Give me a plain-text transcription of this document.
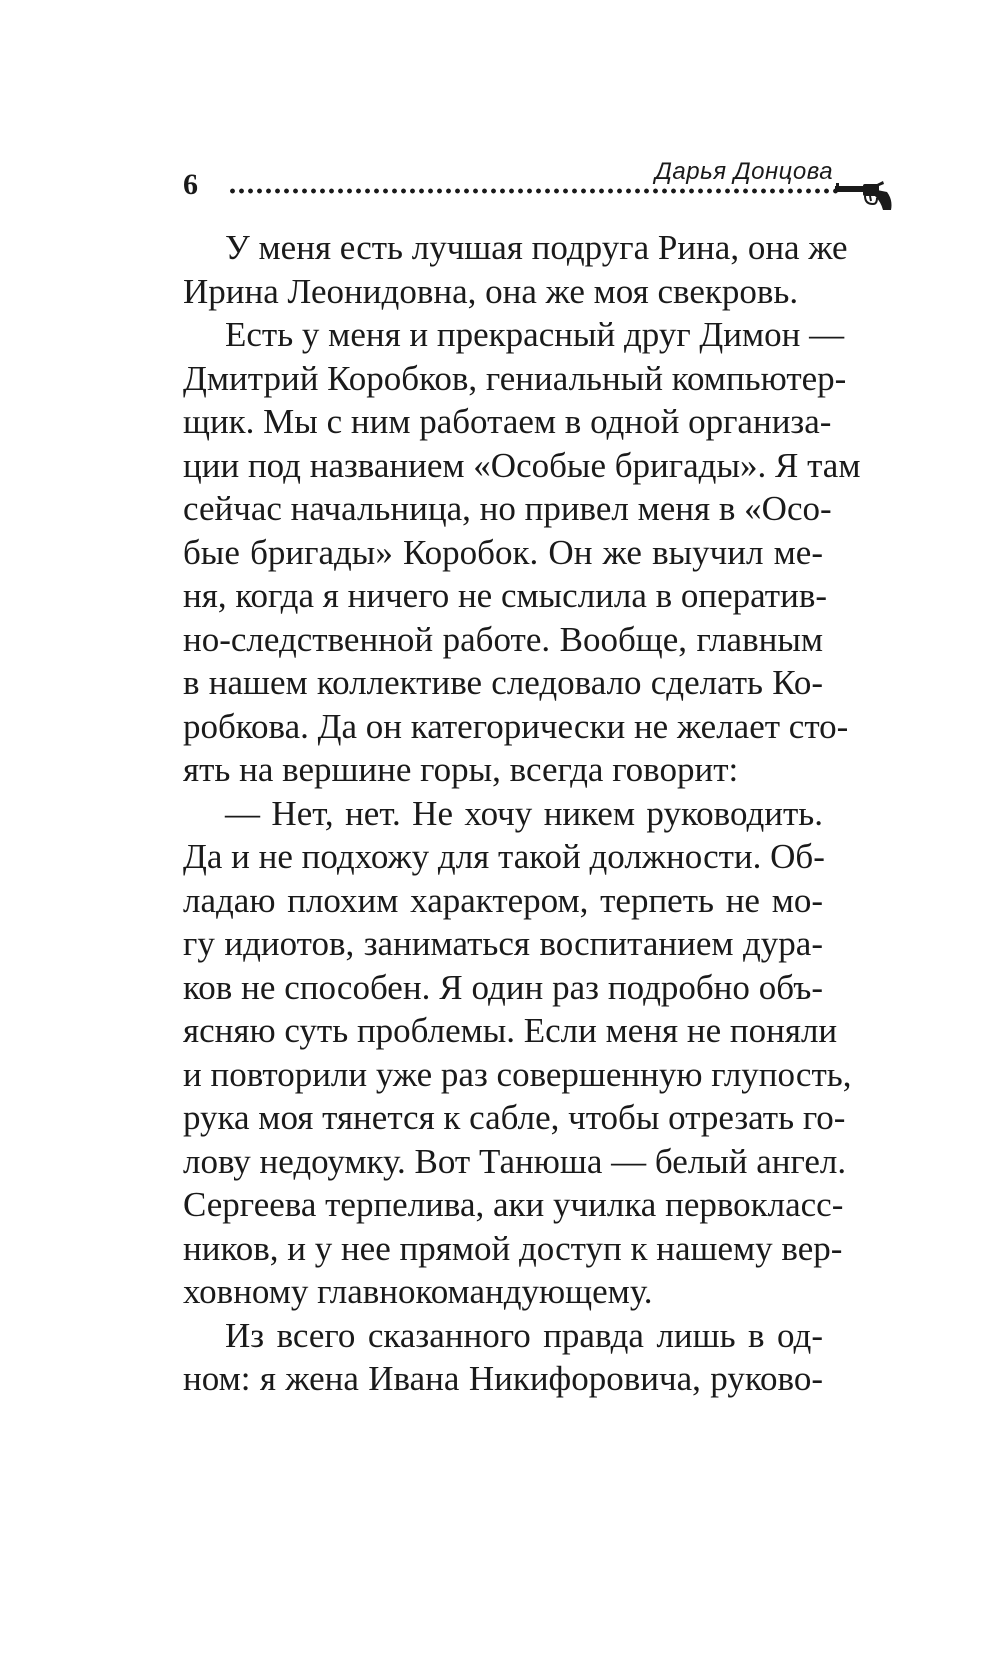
6	Дарья Донцова
У меня есть лучшая подруга Рина, она же
Ирина Леонидовна, она же моя свекровь.
Есть у меня и прекрасный друг Димон —
Дмитрий Коробков, гениальный компьютер-
щик. Мы с ним работаем в одной организа-
ции под названием «Особые бригады». Я там
сейчас начальница, но привел меня в «Осо-
бые бригады» Коробок. Он же выучил ме-
ня, когда я ничего не смыслила в оператив-
но-следственной работе. Вообще, главным
в нашем коллективе следовало сделать Ко-
робкова. Да он категорически не желает сто-
ять на вершине горы, всегда говорит:
— Нет, нет. Не хочу никем руководить.
Да и не подхожу для такой должности. Об-
ладаю плохим характером, терпеть не мо-
гу идиотов, заниматься воспитанием дура-
ков не способен. Я один раз подробно объ-
ясняю суть проблемы. Если меня не поняли
и повторили уже раз совершенную глупость,
рука моя тянется к сабле, чтобы отрезать го-
лову недоумку. Вот Танюша — белый ангел.
Сергеева терпелива, аки училка первокласс-
ников, и у нее прямой доступ к нашему вер-
ховному главнокомандующему.
Из всего сказанного правда лишь в од-
ном: я жена Ивана Никифоровича, руково-
